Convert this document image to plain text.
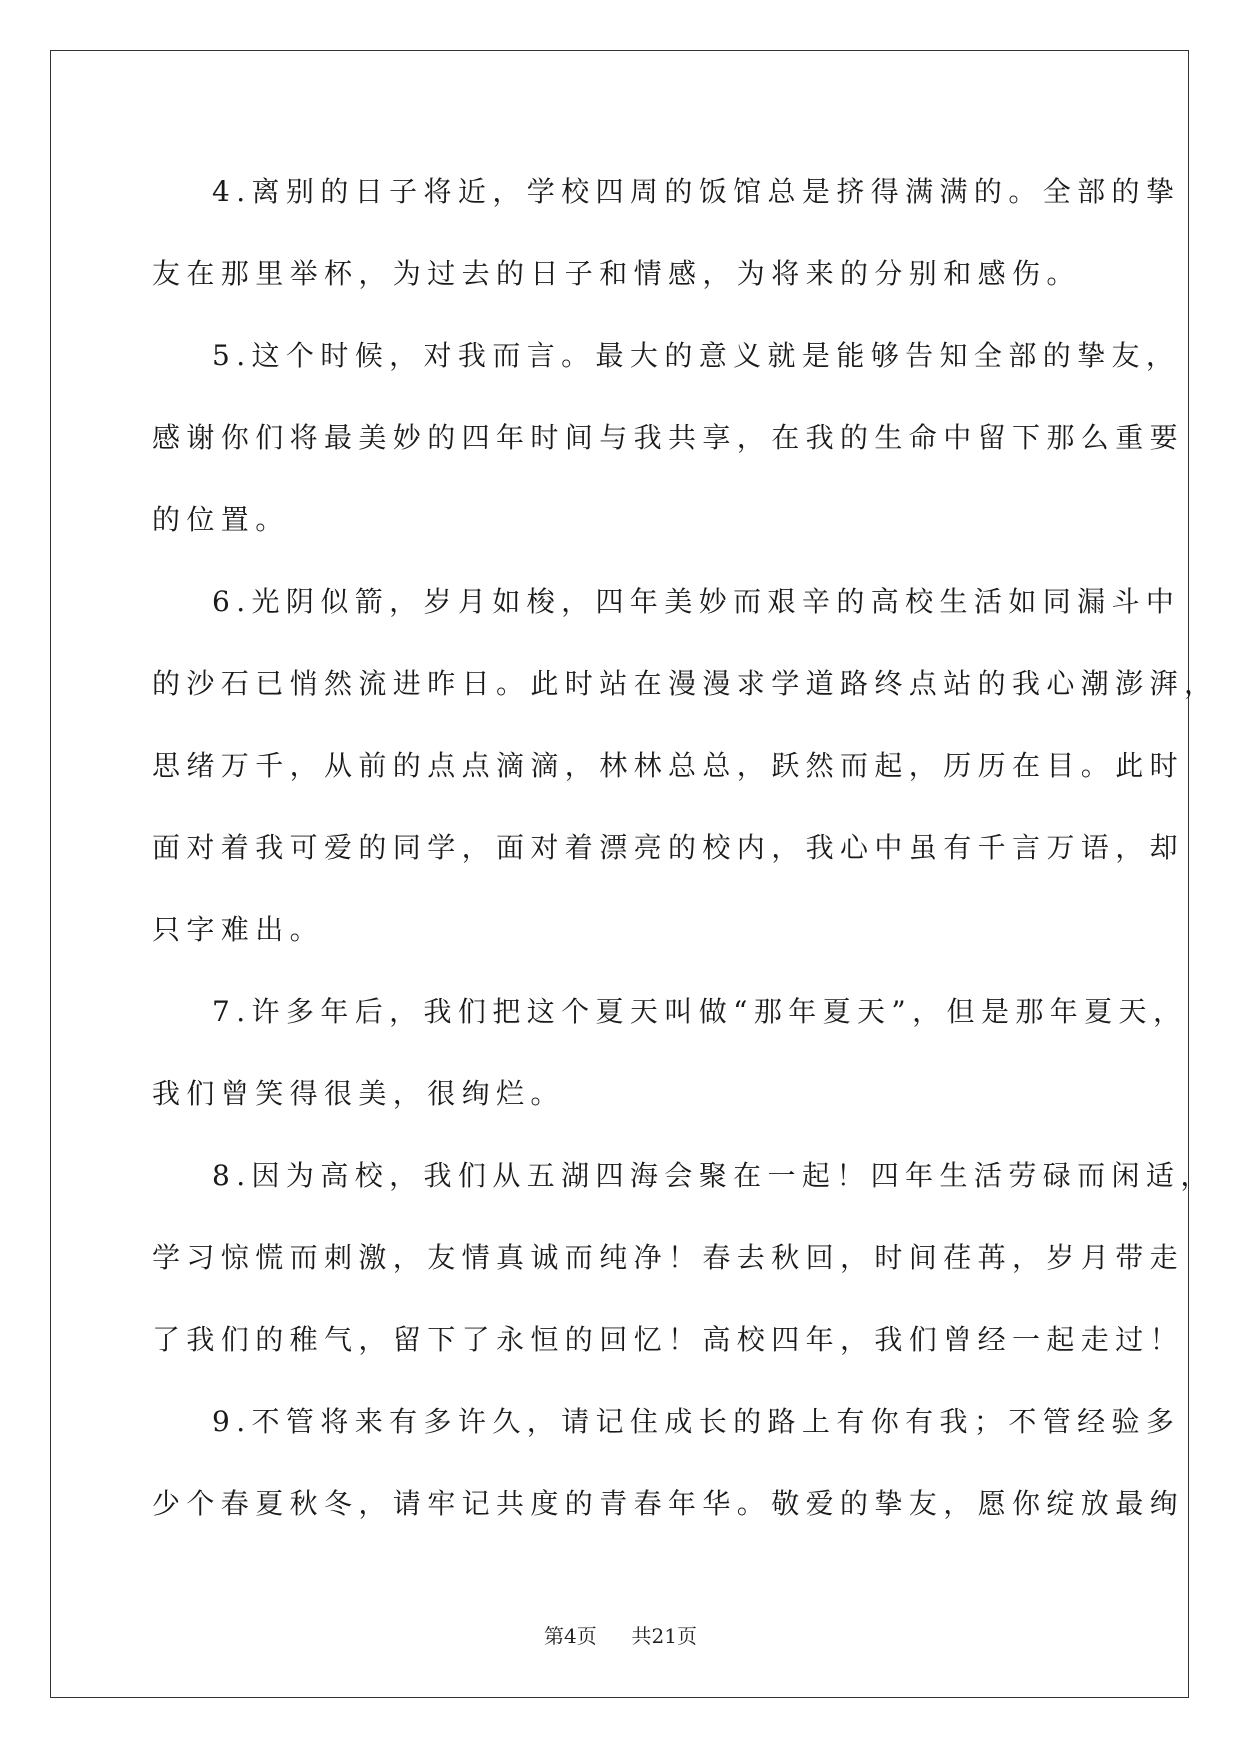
4.离别的日子将近，学校四周的饭馆总是挤得满满的。全部的挚
友在那里举杯，为过去的日子和情感，为将来的分别和感伤。
5.这个时候，对我而言。最大的意义就是能够告知全部的挚友，
感谢你们将最美妙的四年时间与我共享，在我的生命中留下那么重要
的位置。
6.光阴似箭，岁月如梭，四年美妙而艰辛的高校生活如同漏斗中
的沙石已悄然流进昨日。此时站在漫漫求学道路终点站的我心潮澎湃，
思绪万千，从前的点点滴滴，林林总总，跃然而起，历历在目。此时
面对着我可爱的同学，面对着漂亮的校内，我心中虽有千言万语，却
只字难出。
7.许多年后，我们把这个夏天叫做“那年夏天”，但是那年夏天，
我们曾笑得很美，很绚烂。
8.因为高校，我们从五湖四海会聚在一起！四年生活劳碌而闲适，
学习惊慌而刺激，友情真诚而纯净！春去秋回，时间荏苒，岁月带走
了我们的稚气，留下了永恒的回忆！高校四年，我们曾经一起走过！
9.不管将来有多许久，请记住成长的路上有你有我；不管经验多
少个春夏秋冬，请牢记共度的青春年华。敬爱的挚友，愿你绽放最绚
第4页 共21页
